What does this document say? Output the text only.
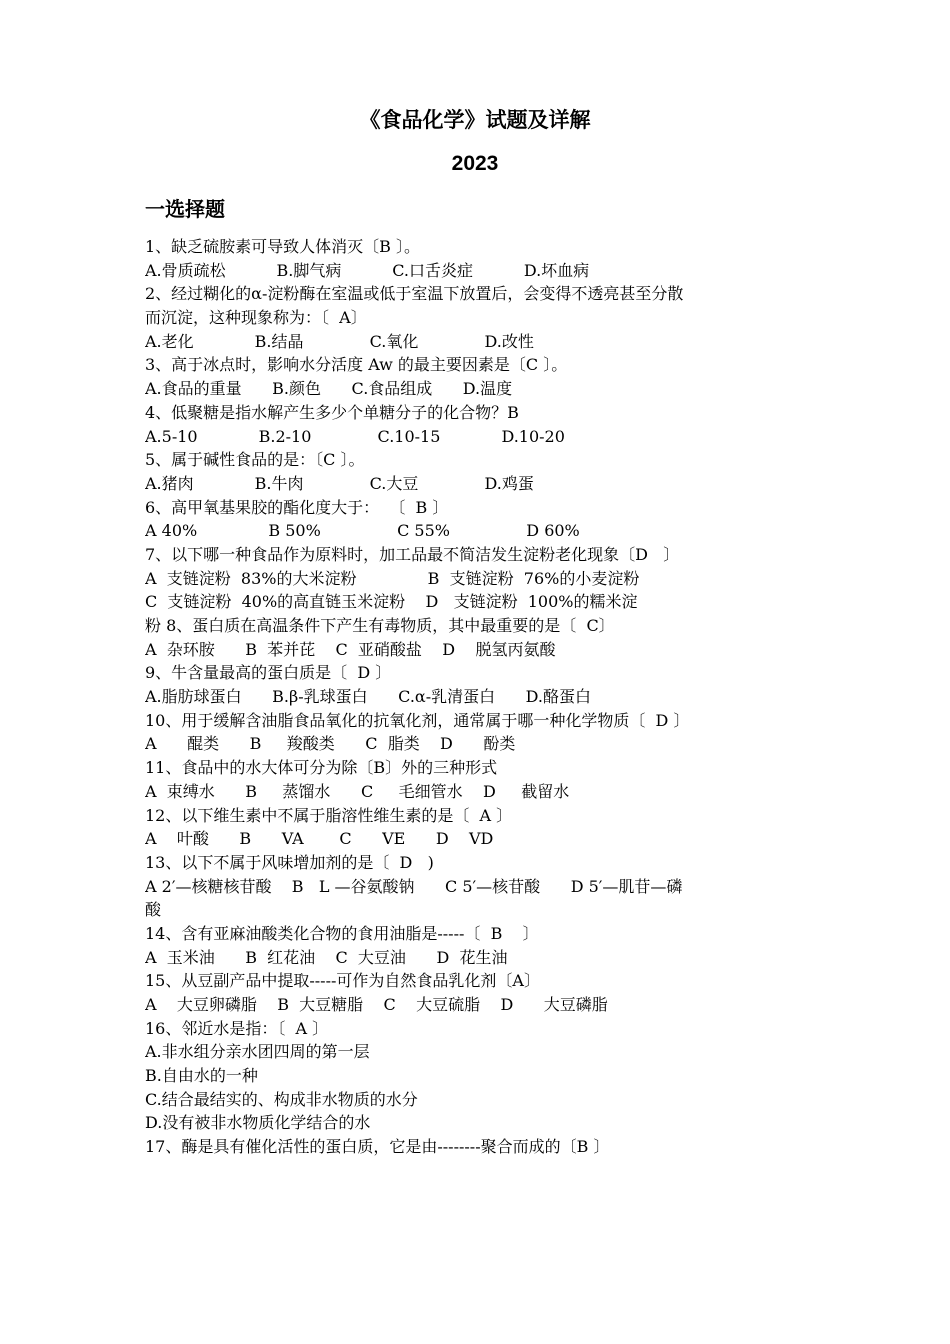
《食品化学》试题及详解
2023
一选择题
1、缺乏硫胺素可导致人体消灭〔B 〕。
A.骨质疏松          B.脚气病          C.口舌炎症          D.坏血病
2、经过糊化的α-淀粉酶在室温或低于室温下放置后，会变得不透亮甚至分散
而沉淀，这种现象称为：〔  A〕
A.老化            B.结晶             C.氧化             D.改性
3、高于冰点时，影响水分活度 Aw 的最主要因素是〔C 〕。
A.食品的重量      B.颜色      C.食品组成      D.温度
4、低聚糖是指水解产生多少个单糖分子的化合物？B
A.5-10            B.2-10             C.10-15            D.10-20
5、属于碱性食品的是：〔C 〕。
A.猪肉            B.牛肉             C.大豆             D.鸡蛋
6、高甲氧基果胶的酯化度大于：  〔  B 〕
A 40%              B 50%               C 55%               D 60%
7、以下哪一种食品作为原料时，加工品最不简洁发生淀粉老化现象〔D   〕
A  支链淀粉  83%的大米淀粉              B  支链淀粉  76%的小麦淀粉
C  支链淀粉  40%的高直链玉米淀粉    D   支链淀粉  100%的糯米淀
粉 8、蛋白质在高温条件下产生有毒物质，其中最重要的是〔  C〕
A  杂环胺      B  苯并芘    C  亚硝酸盐    D    脱氢丙氨酸
9、牛含量最高的蛋白质是〔  D 〕
A.脂肪球蛋白      B.β-乳球蛋白      C.α-乳清蛋白      D.酪蛋白
10、用于缓解含油脂食品氧化的抗氧化剂，通常属于哪一种化学物质〔  D 〕
A      醌类      B     羧酸类      C  脂类    D      酚类
11、食品中的水大体可分为除〔B〕外的三种形式
A  束缚水      B     蒸馏水      C     毛细管水    D     截留水
12、以下维生素中不属于脂溶性维生素的是〔  A 〕
A    叶酸      B      VA       C      VE      D    VD
13、以下不属于风味增加剂的是〔  D   )
A 2′—核糖核苷酸    B   L —谷氨酸钠      C 5′—核苷酸      D 5′—肌苷—磷
酸
14、含有亚麻油酸类化合物的食用油脂是-----〔  B    〕
A  玉米油      B  红花油    C  大豆油      D  花生油
15、从豆副产品中提取-----可作为自然食品乳化剂〔A〕
A    大豆卵磷脂    B  大豆糖脂    C    大豆硫脂    D      大豆磷脂
16、邻近水是指：〔  A 〕
A.非水组分亲水团四周的第一层
B.自由水的一种
C.结合最结实的、构成非水物质的水分
D.没有被非水物质化学结合的水
17、酶是具有催化活性的蛋白质，它是由--------聚合而成的〔B 〕
